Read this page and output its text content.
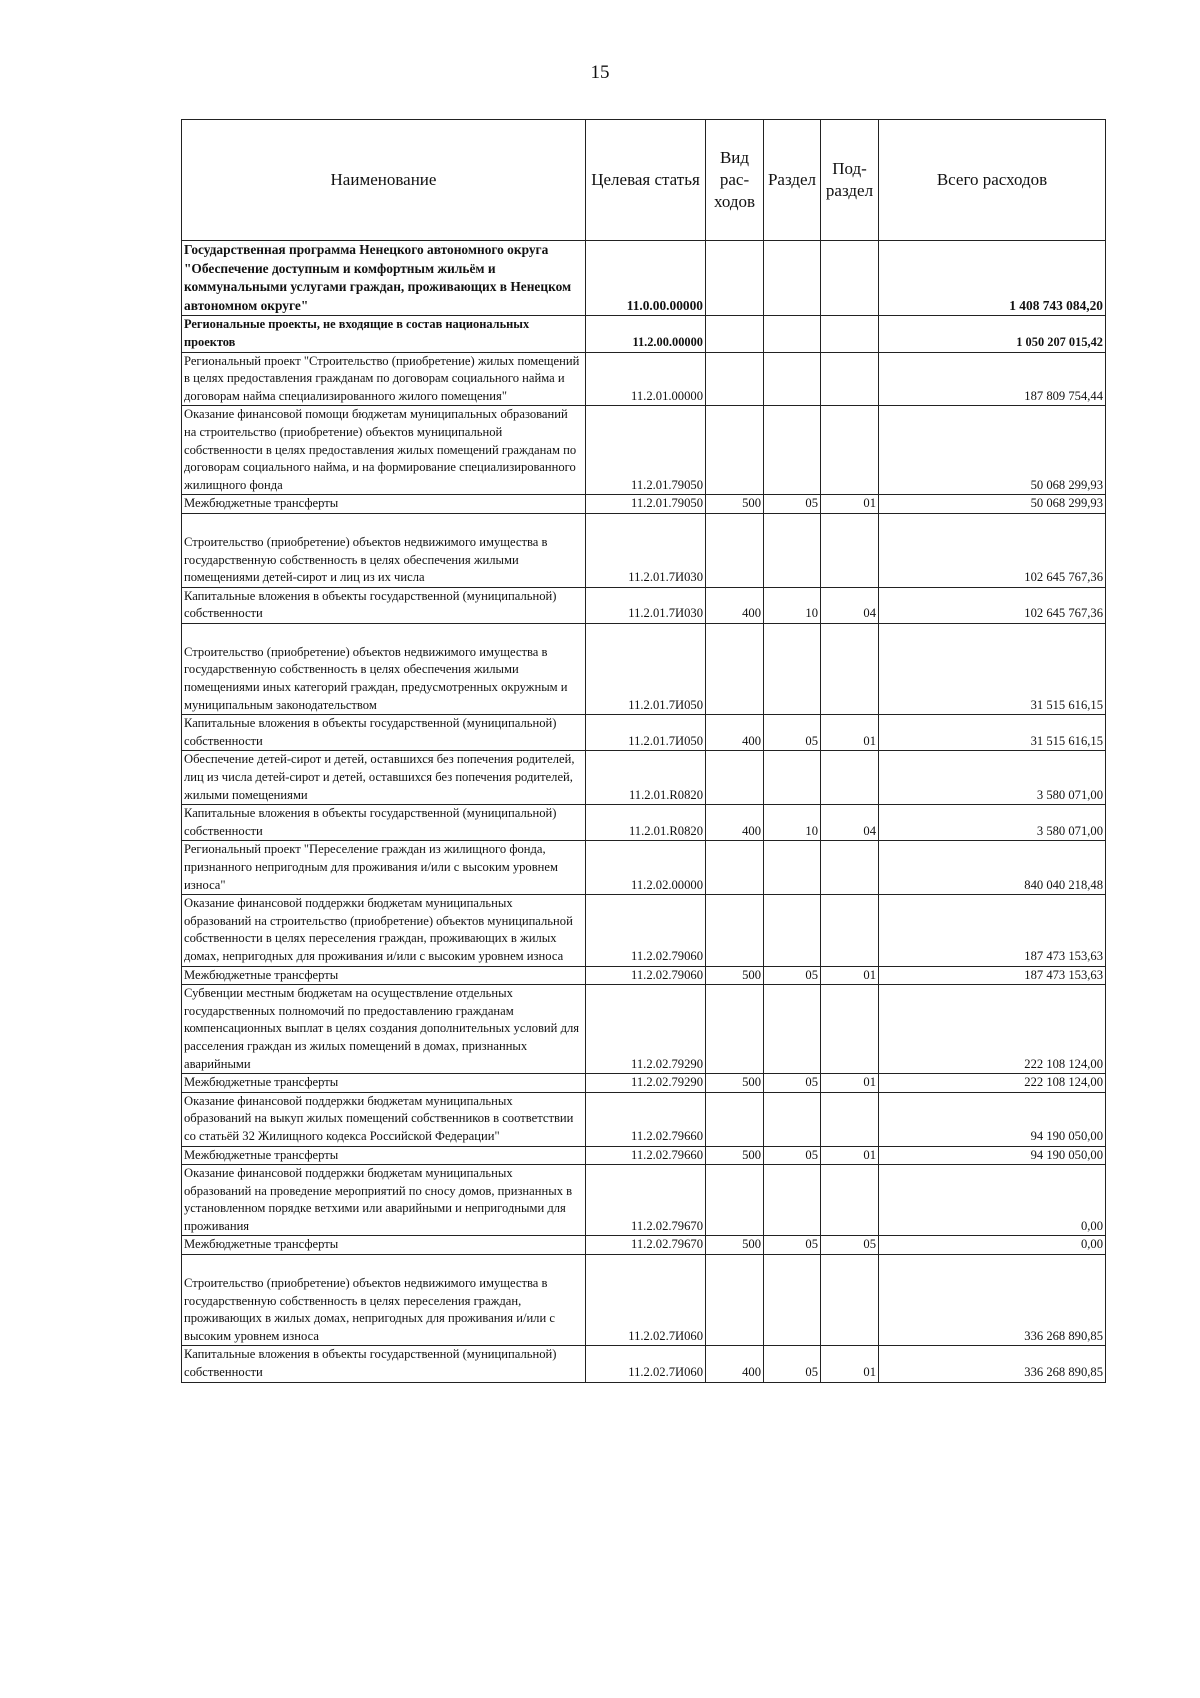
15
Наименование	Целевая статья	Вид рас-ходов	Раздел	Под-раздел	Всего расходов
Государственная программа Ненецкого автономного округа "Обеспечение доступным и комфортным жильём и коммунальными услугами граждан, проживающих в Ненецком автономном округе"	11.0.00.00000				1 408 743 084,20
Региональные проекты, не входящие в состав национальных проектов	11.2.00.00000				1 050 207 015,42
Региональный проект "Строительство (приобретение) жилых помещений в целях предоставления гражданам по договорам социального найма и договорам найма специализированного жилого помещения"	11.2.01.00000				187 809 754,44
Оказание финансовой помощи бюджетам муниципальных образований на строительство (приобретение) объектов муниципальной собственности в целях предоставления жилых помещений гражданам по договорам социального найма, и на формирование специализированного жилищного фонда	11.2.01.79050				50 068 299,93
Межбюджетные трансферты	11.2.01.79050	500	05	01	50 068 299,93
Строительство (приобретение) объектов недвижимого имущества в государственную собственность в целях обеспечения жилыми помещениями детей-сирот и лиц из их числа	11.2.01.7И030				102 645 767,36
Капитальные вложения в объекты государственной (муниципальной) собственности	11.2.01.7И030	400	10	04	102 645 767,36
Строительство (приобретение) объектов недвижимого имущества в государственную собственность в целях обеспечения жилыми помещениями иных категорий граждан, предусмотренных окружным и муниципальным законодательством	11.2.01.7И050				31 515 616,15
Капитальные вложения в объекты государственной (муниципальной) собственности	11.2.01.7И050	400	05	01	31 515 616,15
Обеспечение детей-сирот и детей, оставшихся без попечения родителей, лиц из числа детей-сирот и детей, оставшихся без попечения родителей, жилыми помещениями	11.2.01.R0820				3 580 071,00
Капитальные вложения в объекты государственной (муниципальной) собственности	11.2.01.R0820	400	10	04	3 580 071,00
Региональный проект "Переселение граждан из жилищного фонда, признанного непригодным для проживания и/или с высоким уровнем износа"	11.2.02.00000				840 040 218,48
Оказание финансовой поддержки бюджетам муниципальных образований на строительство (приобретение) объектов муниципальной собственности в целях переселения граждан, проживающих в жилых домах, непригодных для проживания и/или с высоким уровнем износа	11.2.02.79060				187 473 153,63
Межбюджетные трансферты	11.2.02.79060	500	05	01	187 473 153,63
Субвенции местным бюджетам на осуществление отдельных государственных полномочий по предоставлению гражданам компенсационных выплат в целях создания дополнительных условий для расселения граждан из жилых помещений в домах, признанных аварийными	11.2.02.79290				222 108 124,00
Межбюджетные трансферты	11.2.02.79290	500	05	01	222 108 124,00
Оказание финансовой поддержки бюджетам муниципальных образований на выкуп жилых помещений собственников в соответствии со статьёй 32 Жилищного кодекса Российской Федерации"	11.2.02.79660				94 190 050,00
Межбюджетные трансферты	11.2.02.79660	500	05	01	94 190 050,00
Оказание финансовой поддержки бюджетам муниципальных образований на проведение мероприятий по сносу домов, признанных в установленном порядке ветхими или аварийными и непригодными для проживания	11.2.02.79670				0,00
Межбюджетные трансферты	11.2.02.79670	500	05	05	0,00
Строительство (приобретение) объектов недвижимого имущества в государственную собственность в целях переселения граждан, проживающих в жилых домах, непригодных для проживания и/или с высоким уровнем износа	11.2.02.7И060				336 268 890,85
Капитальные вложения в объекты государственной (муниципальной) собственности	11.2.02.7И060	400	05	01	336 268 890,85
